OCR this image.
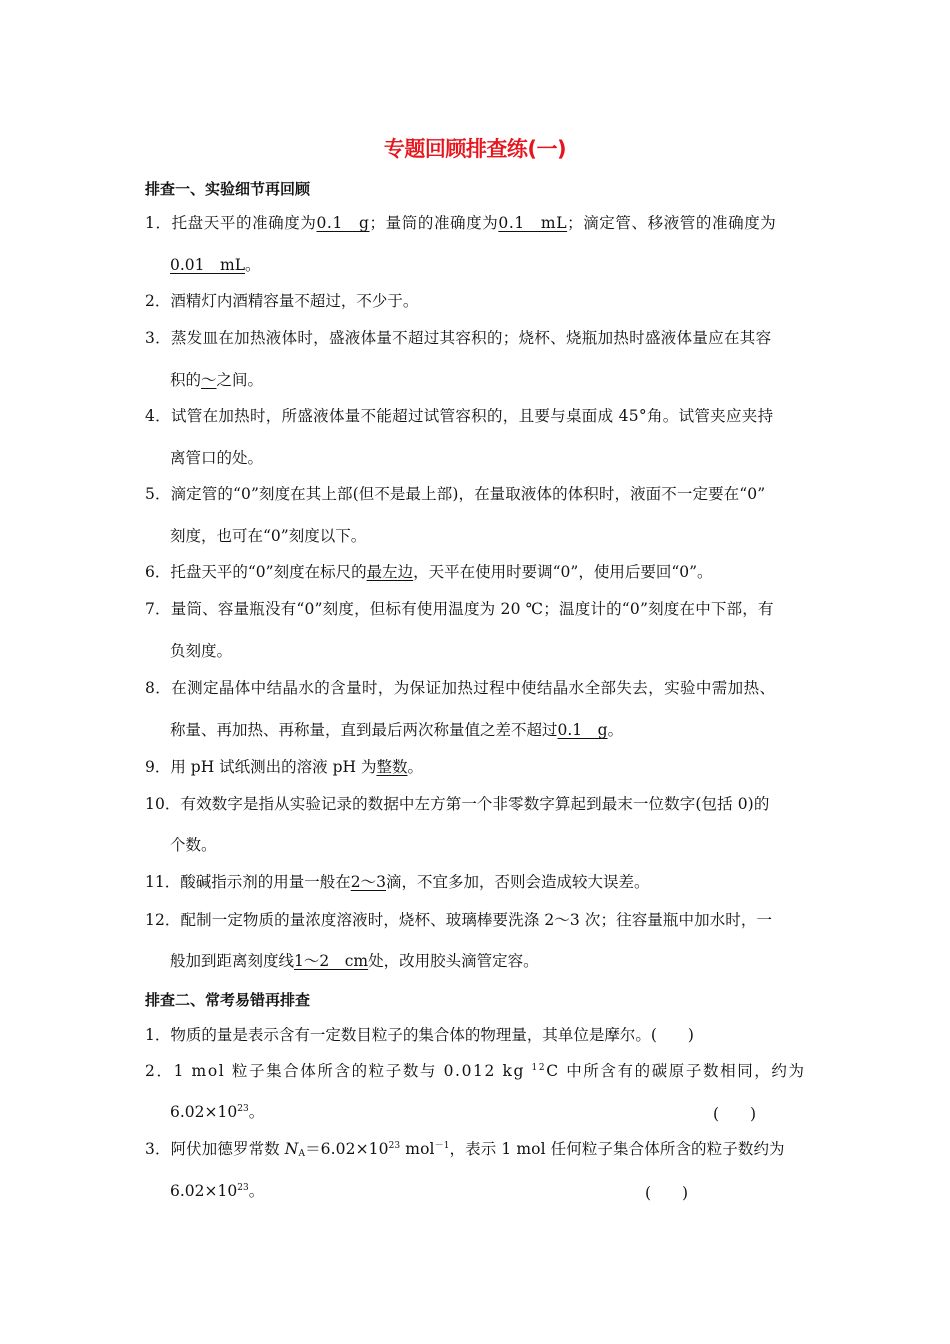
专题回顾排查练(一)
排查一、实验细节再回顾
1．托盘天平的准确度为0.1　g；量筒的准确度为0.1　mL；滴定管、移液管的准确度为
0.01　mL。
2．酒精灯内酒精容量不超过，不少于。
3．蒸发皿在加热液体时，盛液体量不超过其容积的；烧杯、烧瓶加热时盛液体量应在其容
积的～之间。
4．试管在加热时，所盛液体量不能超过试管容积的，且要与桌面成 45°角。试管夹应夹持
离管口的处。
5．滴定管的“0”刻度在其上部(但不是最上部)，在量取液体的体积时，液面不一定要在“0”
刻度，也可在“0”刻度以下。
6．托盘天平的“0”刻度在标尺的最左边，天平在使用时要调“0”，使用后要回“0”。
7．量筒、容量瓶没有“0”刻度，但标有使用温度为 20 ℃；温度计的“0”刻度在中下部，有
负刻度。
8．在测定晶体中结晶水的含量时，为保证加热过程中使结晶水全部失去，实验中需加热、
称量、再加热、再称量，直到最后两次称量值之差不超过0.1　g。
9．用 pH 试纸测出的溶液 pH 为整数。
10．有效数字是指从实验记录的数据中左方第一个非零数字算起到最末一位数字(包括 0)的
个数。
11．酸碱指示剂的用量一般在2～3滴，不宜多加，否则会造成较大误差。
12．配制一定物质的量浓度溶液时，烧杯、玻璃棒要洗涤 2～3 次；往容量瓶中加水时，一
般加到距离刻度线1～2　cm处，改用胶头滴管定容。
排查二、常考易错再排查
1．物质的量是表示含有一定数目粒子的集合体的物理量，其单位是摩尔。(　　)
2．1 mol 粒子集合体所含的粒子数与 0.012 kg $^{12}$C 中所含有的碳原子数相同，约为
$6.02\times 10^{23}$。	(　　)
3．阿伏加德罗常数 $N_A=6.02\times 10^{23}$ mol$^{-1}$，表示 1 mol 任何粒子集合体所含的粒子数约为
$6.02\times 10^{23}$。	(　　)
